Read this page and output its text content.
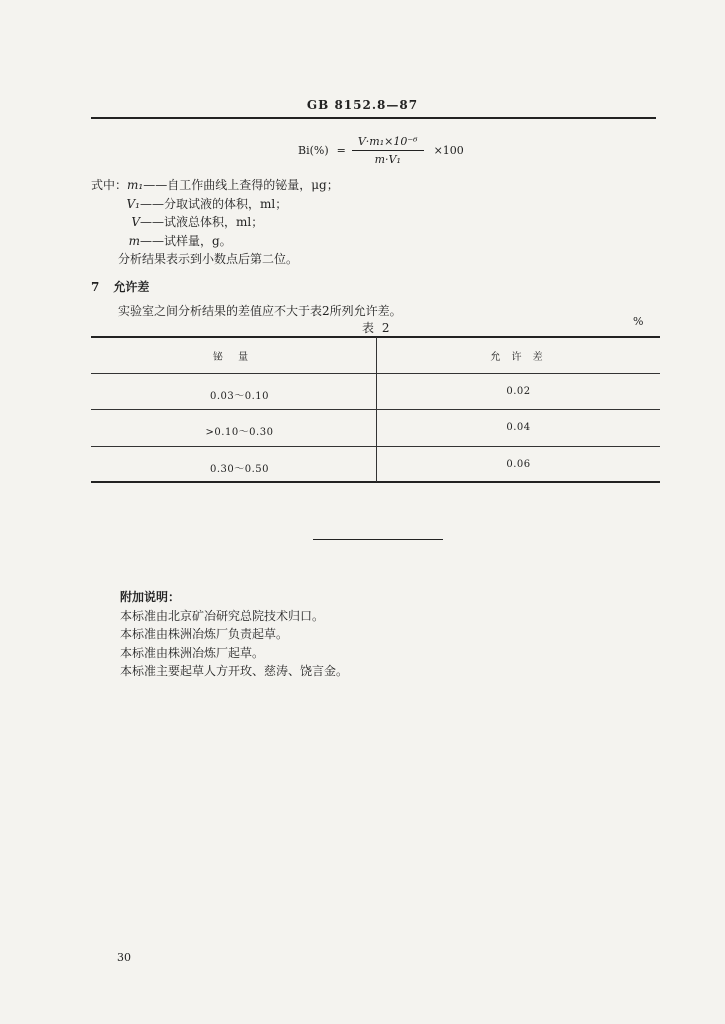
GB 8152.8—87
$Bi(\%) = \frac{\text{V·m₁×10⁻⁶}}{\text{m·V₁}} \times 100$
式中：m₁——自工作曲线上查得的铋量，μg；
V₁——分取试液的体积，ml；
V——试液总体积，ml；
m——试样量，g。
分析结果表示到小数点后第二位。
7 允许差
实验室之间分析结果的差值应不大于表2所列允许差。
表 2	%
铋 量	允 许 差
0.03～0.10	0.02
>0.10～0.30	0.04
0.30～0.50	0.06
附加说明：
本标准由北京矿冶研究总院技术归口。
本标准由株洲冶炼厂负责起草。
本标准由株洲冶炼厂起草。
本标准主要起草人方开玫、慈涛、饶言金。
30
